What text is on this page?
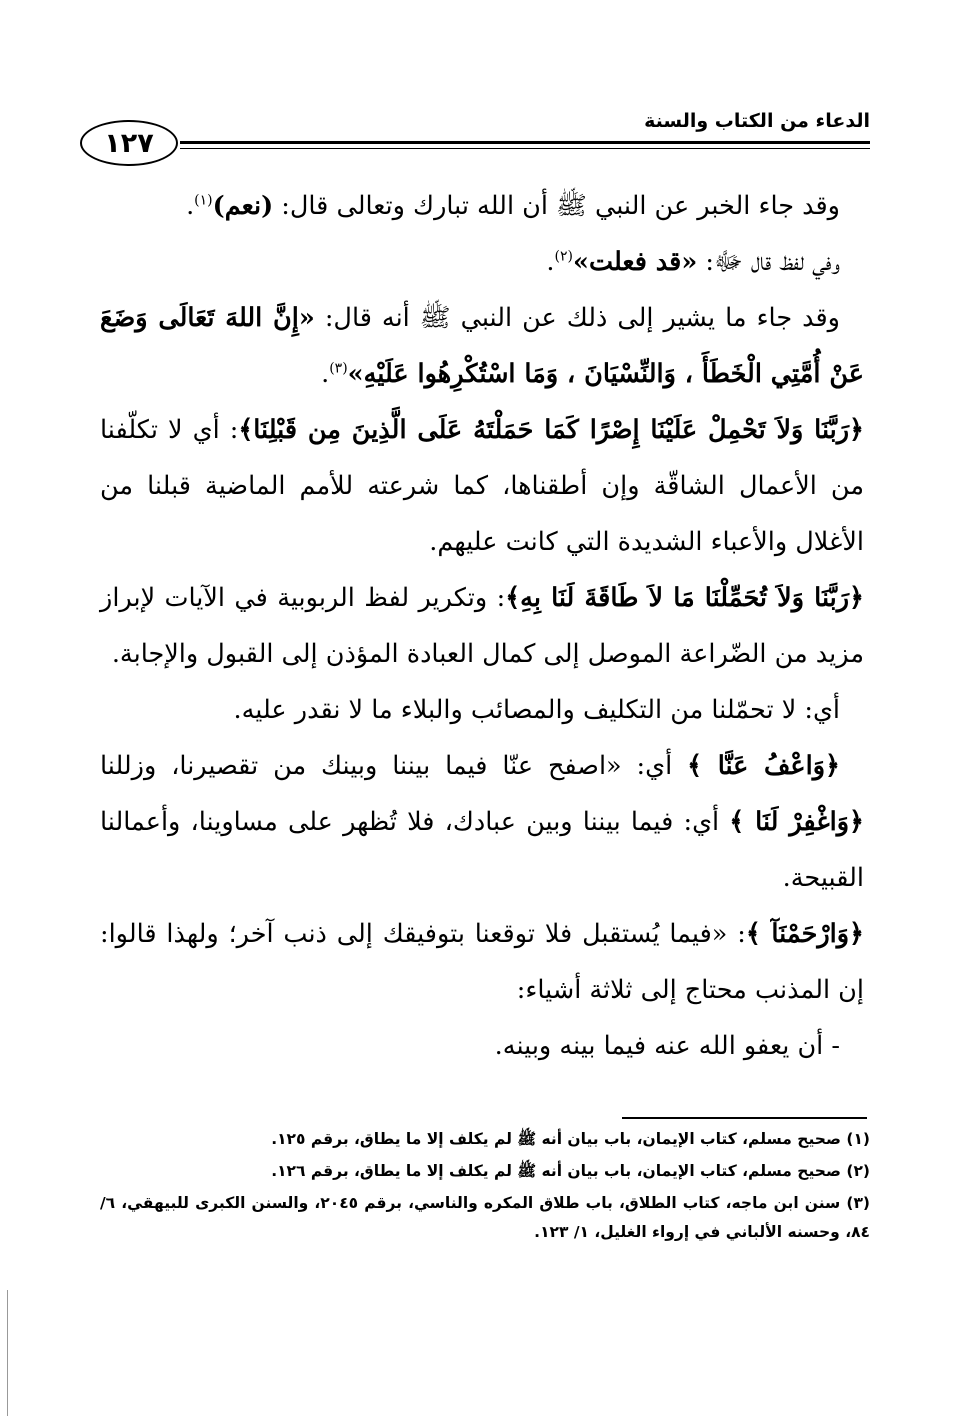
الدعاء من الكتاب والسنة
١٢٧

وقد جاء الخبر عن النبي ﷺ أن الله تبارك وتعالى قال: (نعم)$^{(١)}$.

وفي لفظ قال ﷻ: «قد فعلت»$^{(٢)}$.

وقد جاء ما يشير إلى ذلك عن النبي ﷺ أنه قال: «إِنَّ اللهَ تَعَالَى وَضَعَ عَنْ أُمَّتِي الْخَطَأَ ، وَالنِّسْيَانَ ، وَمَا اسْتُكْرِهُوا عَلَيْهِ»$^{(٣)}$.

﴿رَبَّنَا وَلاَ تَحْمِلْ عَلَيْنَا إِصْرًا كَمَا حَمَلْتَهُ عَلَى الَّذِينَ مِن قَبْلِنَا﴾: أي لا تكلّفنا من الأعمال الشاقّة وإن أطقناها، كما شرعته للأمم الماضية قبلنا من الأغلال والأعباء الشديدة التي كانت عليهم.

﴿رَبَّنَا وَلاَ تُحَمِّلْنَا مَا لاَ طَاقَةَ لَنَا بِهِ﴾: وتكرير لفظ الربوبية في الآيات لإبراز مزيد من الضّراعة الموصل إلى كمال العبادة المؤذن إلى القبول والإجابة.

أي: لا تحمّلنا من التكليف والمصائب والبلاء ما لا نقدر عليه.

﴿وَاعْفُ عَنَّا ﴾ أي: «اصفح عنّا فيما بيننا وبينك من تقصيرنا، وزللنا ﴿وَاغْفِرْ لَنَا ﴾ أي: فيما بيننا وبين عبادك، فلا تُظهر على مساوينا، وأعمالنا القبيحة.

﴿وَارْحَمْنَآ ﴾: «فيما يُستقبل فلا توقعنا بتوفيقك إلى ذنب آخر؛ ولهذا قالوا: إن المذنب محتاج إلى ثلاثة أشياء:

- أن يعفو الله عنه فيما بينه وبينه.

(١) صحيح مسلم، كتاب الإيمان، باب بيان أنه ﷺ لم يكلف إلا ما يطاق، برقم ١٢٥.

(٢) صحيح مسلم، كتاب الإيمان، باب بيان أنه ﷺ لم يكلف إلا ما يطاق، برقم ١٢٦.

(٣) سنن ابن ماجه، كتاب الطلاق، باب طلاق المكره والناسي، برقم ٢٠٤٥، والسنن الكبرى للبيهقي، ٦/ ٨٤، وحسنه الألباني في إرواء الغليل، ١/ ١٢٣.
